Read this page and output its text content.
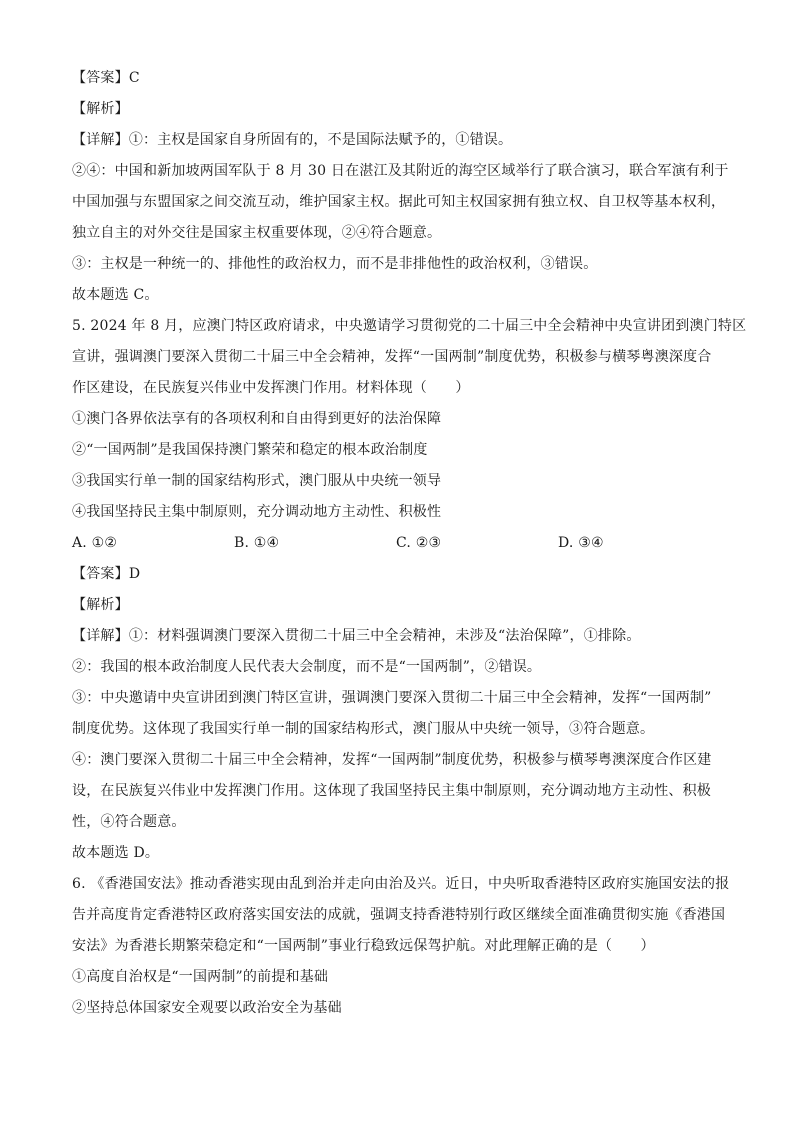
【答案】C
【解析】
【详解】①：主权是国家自身所固有的，不是国际法赋予的，①错误。
②④：中国和新加坡两国军队于 8 月 30 日在湛江及其附近的海空区域举行了联合演习，联合军演有利于
中国加强与东盟国家之间交流互动，维护国家主权。据此可知主权国家拥有独立权、自卫权等基本权利，
独立自主的对外交往是国家主权重要体现，②④符合题意。
③：主权是一种统一的、排他性的政治权力，而不是非排他性的政治权利，③错误。
故本题选 C。
5. 2024 年 8 月，应澳门特区政府请求，中央邀请学习贯彻党的二十届三中全会精神中央宣讲团到澳门特区
宣讲，强调澳门要深入贯彻二十届三中全会精神，发挥“一国两制”制度优势，积极参与横琴粤澳深度合
作区建设，在民族复兴伟业中发挥澳门作用。材料体现（　　）
①澳门各界依法享有的各项权利和自由得到更好的法治保障
②“一国两制”是我国保持澳门繁荣和稳定的根本政治制度
③我国实行单一制的国家结构形式，澳门服从中央统一领导
④我国坚持民主集中制原则，充分调动地方主动性、积极性
A. ①②	B. ①④	C. ②③	D. ③④
【答案】D
【解析】
【详解】①：材料强调澳门要深入贯彻二十届三中全会精神，未涉及“法治保障”，①排除。
②：我国的根本政治制度人民代表大会制度，而不是“一国两制”，②错误。
③：中央邀请中央宣讲团到澳门特区宣讲，强调澳门要深入贯彻二十届三中全会精神，发挥“一国两制”
制度优势。这体现了我国实行单一制的国家结构形式，澳门服从中央统一领导，③符合题意。
④：澳门要深入贯彻二十届三中全会精神，发挥“一国两制”制度优势，积极参与横琴粤澳深度合作区建
设，在民族复兴伟业中发挥澳门作用。这体现了我国坚持民主集中制原则，充分调动地方主动性、积极
性，④符合题意。
故本题选 D。
6. 《香港国安法》推动香港实现由乱到治并走向由治及兴。近日，中央听取香港特区政府实施国安法的报
告并高度肯定香港特区政府落实国安法的成就，强调支持香港特别行政区继续全面准确贯彻实施《香港国
安法》为香港长期繁荣稳定和“一国两制”事业行稳致远保驾护航。对此理解正确的是（　　）
①高度自治权是“一国两制”的前提和基础
②坚持总体国家安全观要以政治安全为基础
